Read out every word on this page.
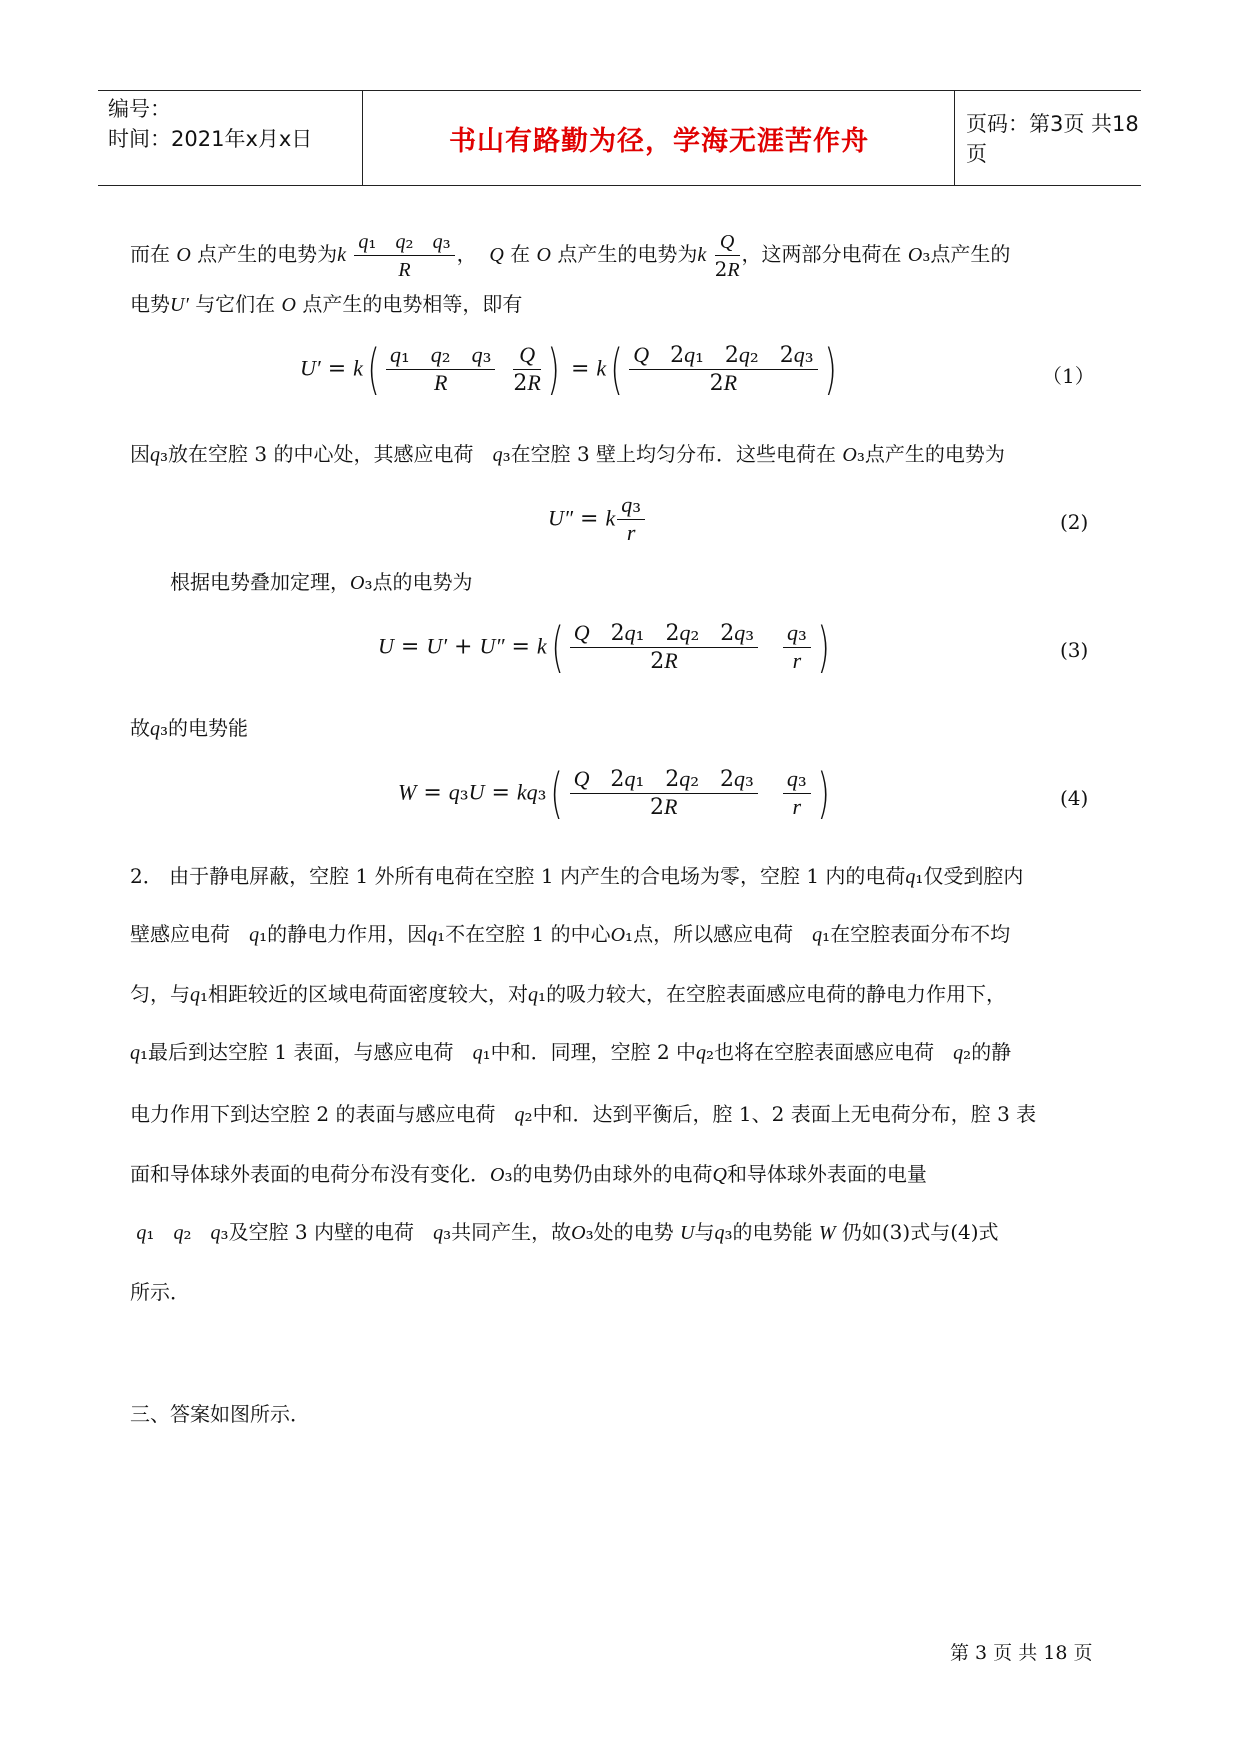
编号：
时间：2021年x月x日	书山有路勤为径，学海无涯苦作舟
页码：第3页 共18页
而在 O 点产生的电势为k $\frac{\text{q₁   q₂   q₃}}{R}$ ，  Q 在 O 点产生的电势为k $\frac{Q}{2R}$ ，这两部分电荷在 O₃点产生的
电势U′ 与它们在 O 点产生的电势相等，即有
$U' = k( \frac{\text{q₁   q₂   q₃}}{R}$
$\frac{Q}{2R}$ ) = $k( \frac{\text{Q   2q₁   2q₂   2q₃}}{2R}$ )	（1）
因q₃放在空腔 3 的中心处，其感应电荷 q₃在空腔 3 壁上均匀分布．这些电荷在 O₃点产生的电势为
U″ = k $\frac{\text{q₃}}{r}$	(2)
根据电势叠加定理，O₃点的电势为
$U = U' + U'' = k( \frac{\text{Q   2q₁   2q₂   2q₃}}{2R}$
$\frac{\text{q₃}}{r}$ )	(3)
故q₃的电势能
$W = q_3U = kq_3( \frac{\text{Q   2q₁   2q₂   2q₃}}{2R}$
$\frac{\text{q₃}}{r}$ )	(4)
2． 由于静电屏蔽，空腔 1 外所有电荷在空腔 1 内产生的合电场为零，空腔 1 内的电荷q₁仅受到腔内
壁感应电荷 q₁的静电力作用，因q₁不在空腔 1 的中心O₁点，所以感应电荷 q₁在空腔表面分布不均
匀，与q₁相距较近的区域电荷面密度较大，对q₁的吸力较大，在空腔表面感应电荷的静电力作用下，
q₁最后到达空腔 1 表面，与感应电荷 q₁中和．同理，空腔 2 中q₂也将在空腔表面感应电荷 q₂的静
电力作用下到达空腔 2 的表面与感应电荷 q₂中和．达到平衡后，腔 1、2 表面上无电荷分布，腔 3 表
面和导体球外表面的电荷分布没有变化．O₃的电势仍由球外的电荷Q和导体球外表面的电量
q₁   q₂   q₃及空腔 3 内壁的电荷 q₃共同产生，故O₃处的电势 U与q₃的电势能 W 仍如(3)式与(4)式
所示．
三、答案如图所示．
第 3 页 共 18 页
